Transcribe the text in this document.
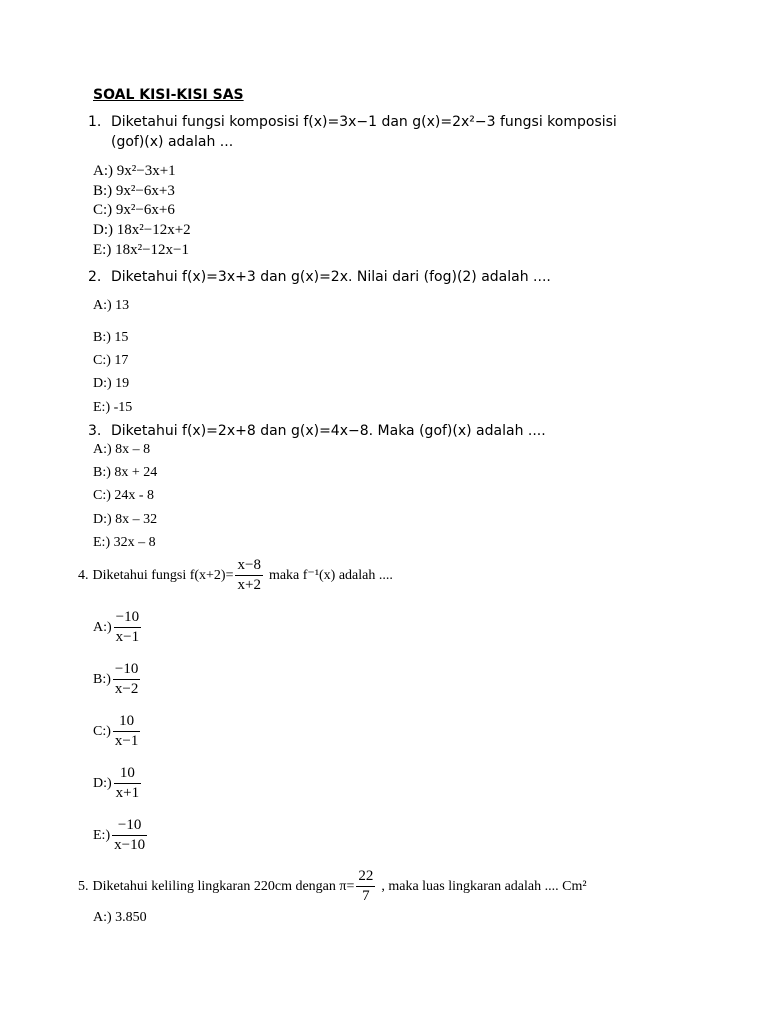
SOAL KISI-KISI SAS
1. Diketahui fungsi komposisi f(x)=3x−1 dan g(x)=2x²−3 fungsi komposisi
(gof)(x) adalah ...
A:) 9x²−3x+1
B:) 9x²−6x+3
C:) 9x²−6x+6
D:) 18x²−12x+2
E:) 18x²−12x−1
2. Diketahui f(x)=3x+3 dan g(x)=2x. Nilai dari (fog)(2) adalah ....
A:) 13
B:) 15
C:) 17
D:) 19
E:) -15
3. Diketahui f(x)=2x+8 dan g(x)=4x−8. Maka (gof)(x) adalah ....
A:) 8x – 8
B:) 8x + 24
C:) 24x - 8
D:) 8x – 32
E:) 32x – 8
4. Diketahui fungsi $f(x+2)= \frac{x-8}{x+2}$ maka f⁻¹(x) adalah ....
A:) $\frac{-10}{x-1}$
B:) $\frac{-10}{x-2}$
C:) $\frac{10}{x-1}$
D:) $\frac{10}{x+1}$
E:) $\frac{-10}{x-10}$
5. Diketahui keliling lingkaran 220cm dengan $\pi= \frac{22}{7}$ , maka luas lingkaran adalah .... Cm²
A:) 3.850
